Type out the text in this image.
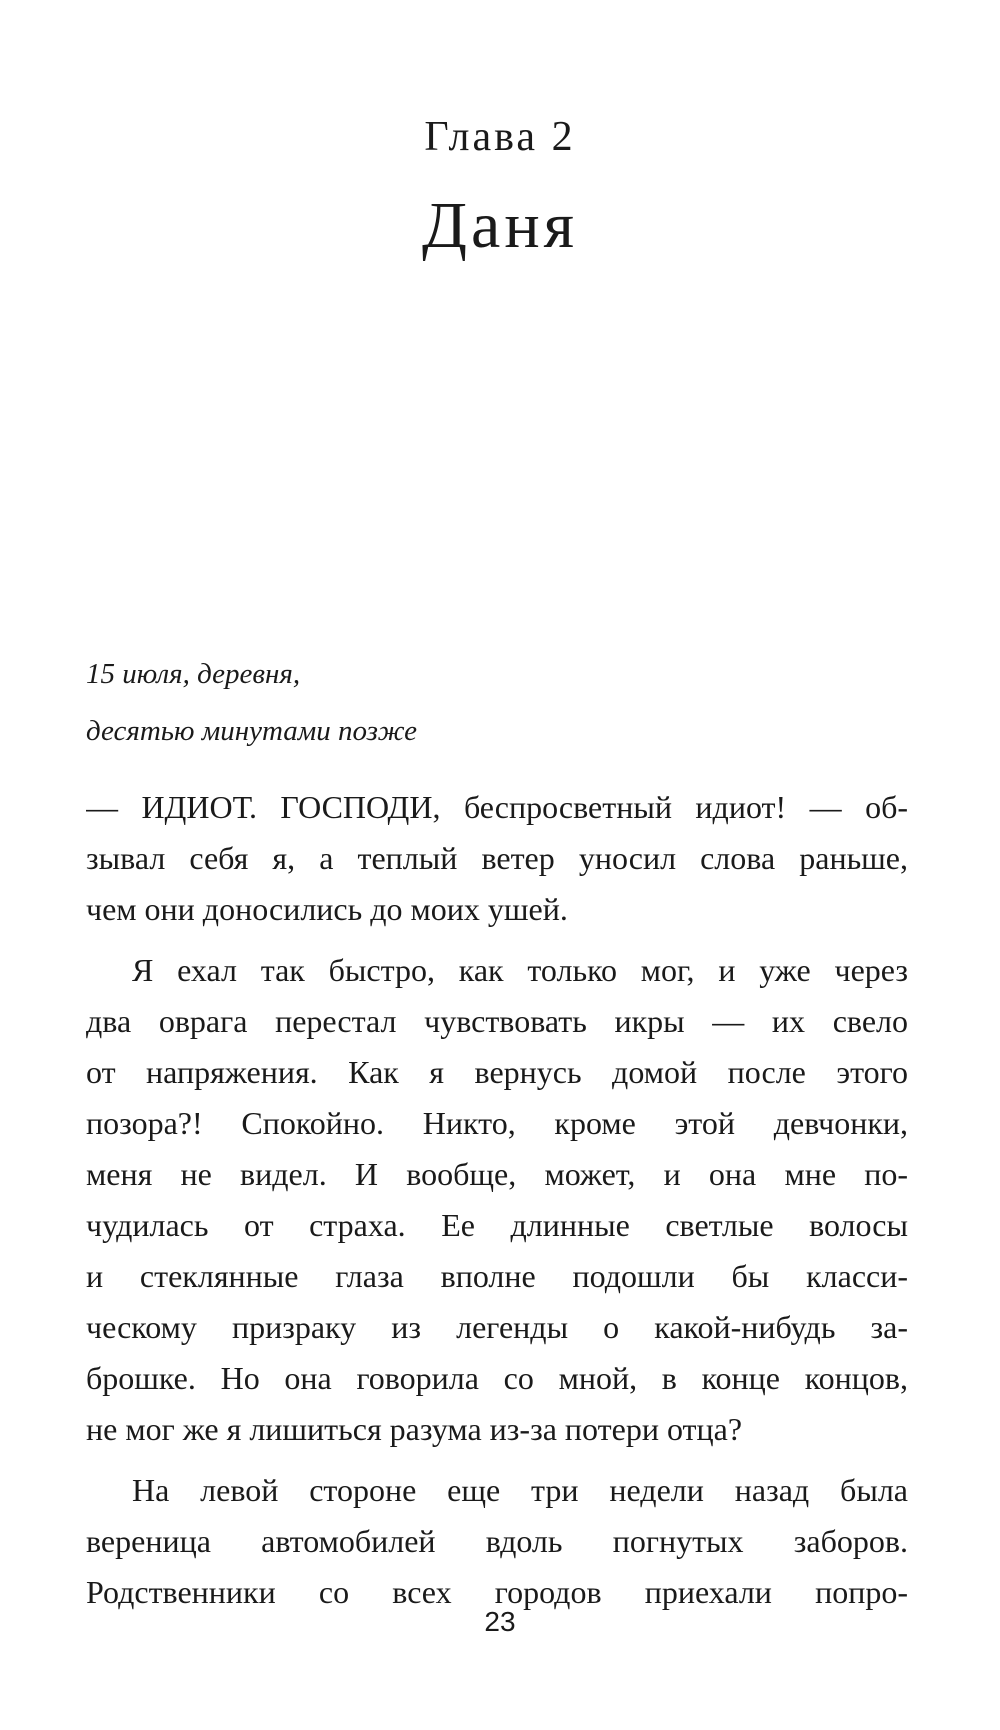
Глава 2
Даня
15 июля, деревня,
десятью минутами позже
— ИДИОТ. ГОСПОДИ, беспросветный идиот! — об-
зывал себя я, а теплый ветер уносил слова раньше,
чем они доносились до моих ушей.
Я ехал так быстро, как только мог, и уже через
два оврага перестал чувствовать икры — их свело
от напряжения. Как я вернусь домой после этого
позора?! Спокойно. Никто, кроме этой девчонки,
меня не видел. И вообще, может, и она мне по-
чудилась от страха. Ее длинные светлые волосы
и стеклянные глаза вполне подошли бы класси-
ческому призраку из легенды о какой-нибудь за-
брошке. Но она говорила со мной, в конце концов,
не мог же я лишиться разума из-за потери отца?
На левой стороне еще три недели назад была
вереница автомобилей вдоль погнутых заборов.
Родственники со всех городов приехали попро-
23
